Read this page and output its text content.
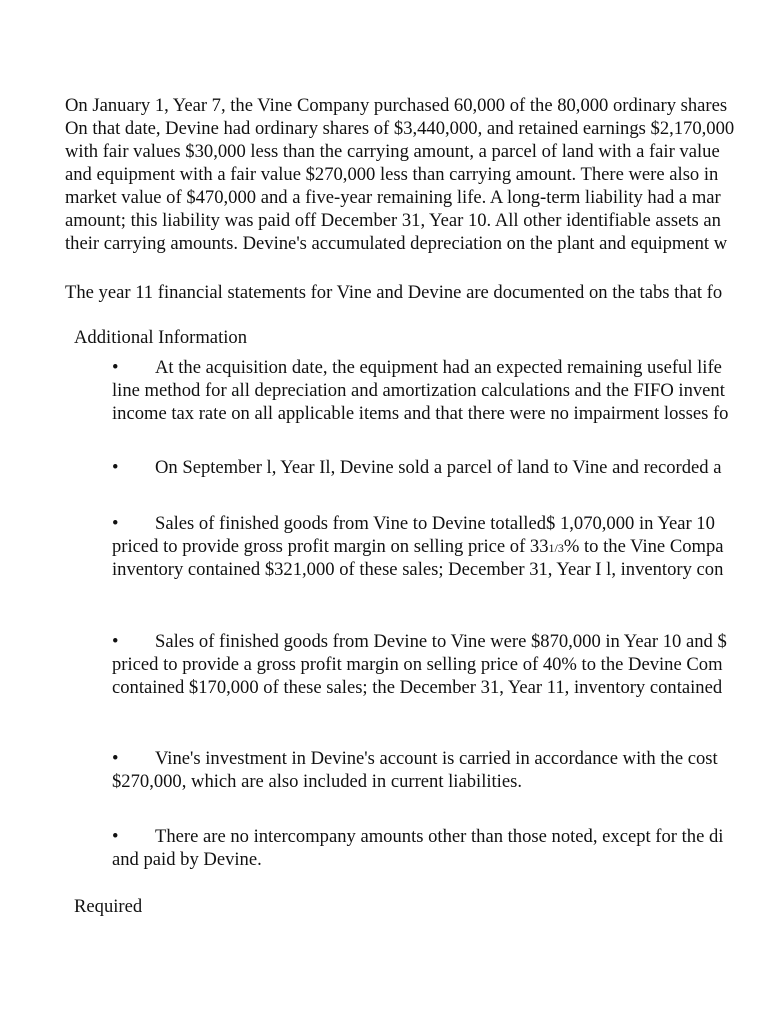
On January 1, Year 7, the Vine Company purchased 60,000 of the 80,000 ordinary shares
On that date, Devine had ordinary shares of $3,440,000, and retained earnings $2,170,000
with fair values $30,000 less than the carrying amount, a parcel of land with a fair value
and equipment with a fair value $270,000 less than carrying amount. There were also in
market value of $470,000 and a five-year remaining life. A long-term liability had a mar
amount; this liability was paid off December 31, Year 10. All other identifiable assets an
their carrying amounts. Devine's accumulated depreciation on the plant and equipment w
The year 11 financial statements for Vine and Devine are documented on the tabs that fo
Additional Information
• At the acquisition date, the equipment had an expected remaining useful life
line method for all depreciation and amortization calculations and the FIFO invent
income tax rate on all applicable items and that there were no impairment losses fo
• On September l, Year Il, Devine sold a parcel of land to Vine and recorded a
• Sales of finished goods from Vine to Devine totalled$ 1,070,000 in Year 10
priced to provide gross profit margin on selling price of 331/3% to the Vine Compa
inventory contained $321,000 of these sales; December 31, Year I l, inventory con
• Sales of finished goods from Devine to Vine were $870,000 in Year 10 and $
priced to provide a gross profit margin on selling price of 40% to the Devine Com
contained $170,000 of these sales; the December 31, Year 11, inventory contained
• Vine's investment in Devine's account is carried in accordance with the cost
$270,000, which are also included in current liabilities.
• There are no intercompany amounts other than those noted, except for the di
and paid by Devine.
Required
